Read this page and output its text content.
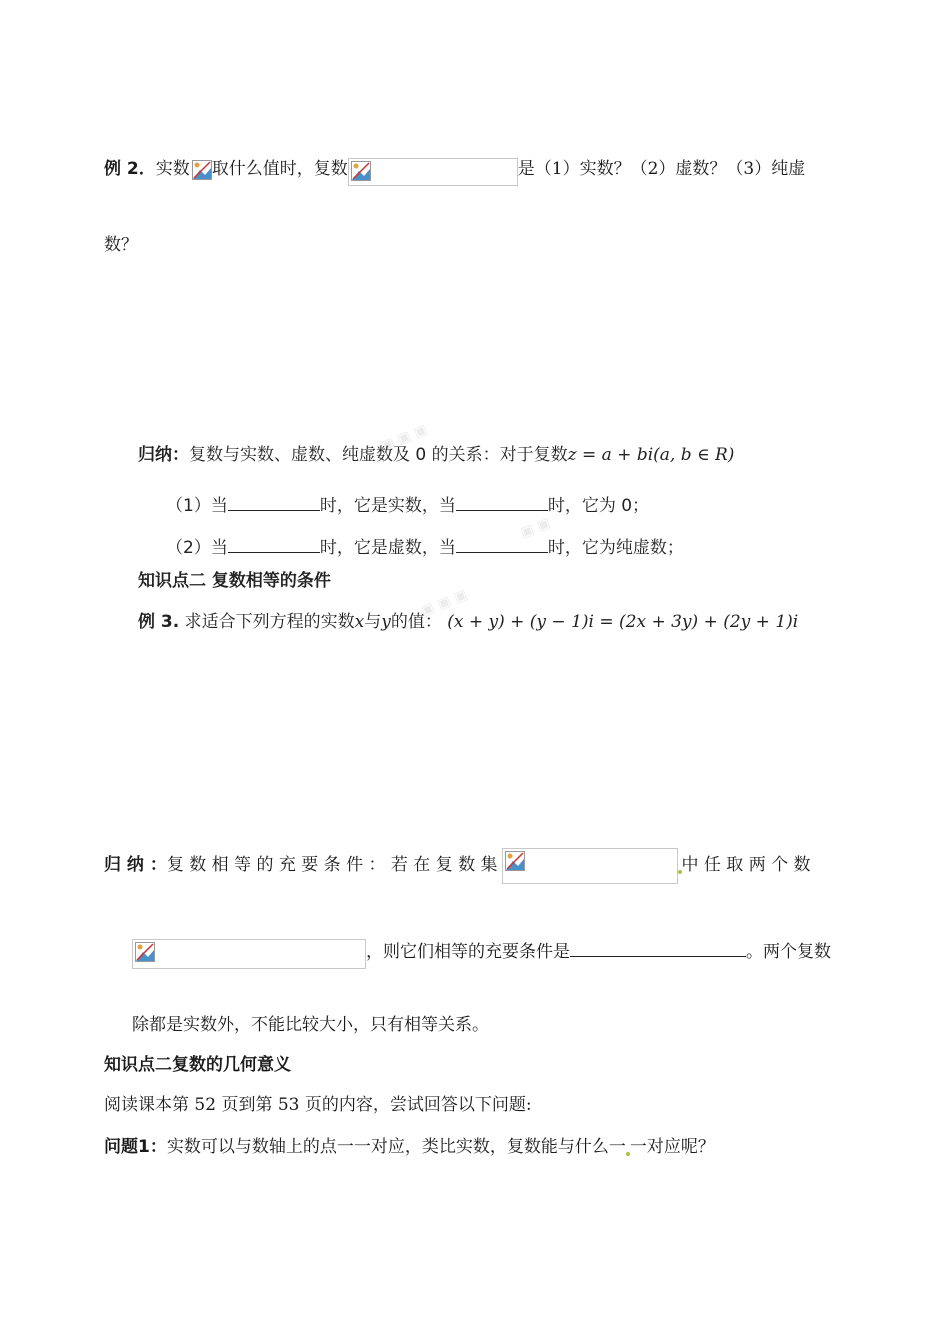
▣ ▣ ▣
▣ ▣ ▣
▣ ▣
例 2．实数 取什么值时，复数	是（1）实数？（2）虚数？（3）纯虚
数？
归纳：复数与实数、虚数、纯虚数及 0 的关系：对于复数z = a + bi(a, b ∈ R)
（1）当	时，它是实数，当	时，它为 0；
（2）当	时，它是虚数，当	时，它为纯虚数；
知识点二 复数相等的条件
例 3. 求适合下列方程的实数x与y的值： (x + y) + (y − 1)i = (2x + 3y) + (2y + 1)i
归 纳 ：复 数 相 等 的 充 要 条 件 ： 若 在 复 数 集	中 任 取 两 个 数
，则它们相等的充要条件是	。两个复数
除都是实数外，不能比较大小，只有相等关系。
知识点二复数的几何意义
阅读课本第 52 页到第 53 页的内容，尝试回答以下问题:
问题1：实数可以与数轴上的点一一对应，类比实数，复数能与什么一 一对应呢？
